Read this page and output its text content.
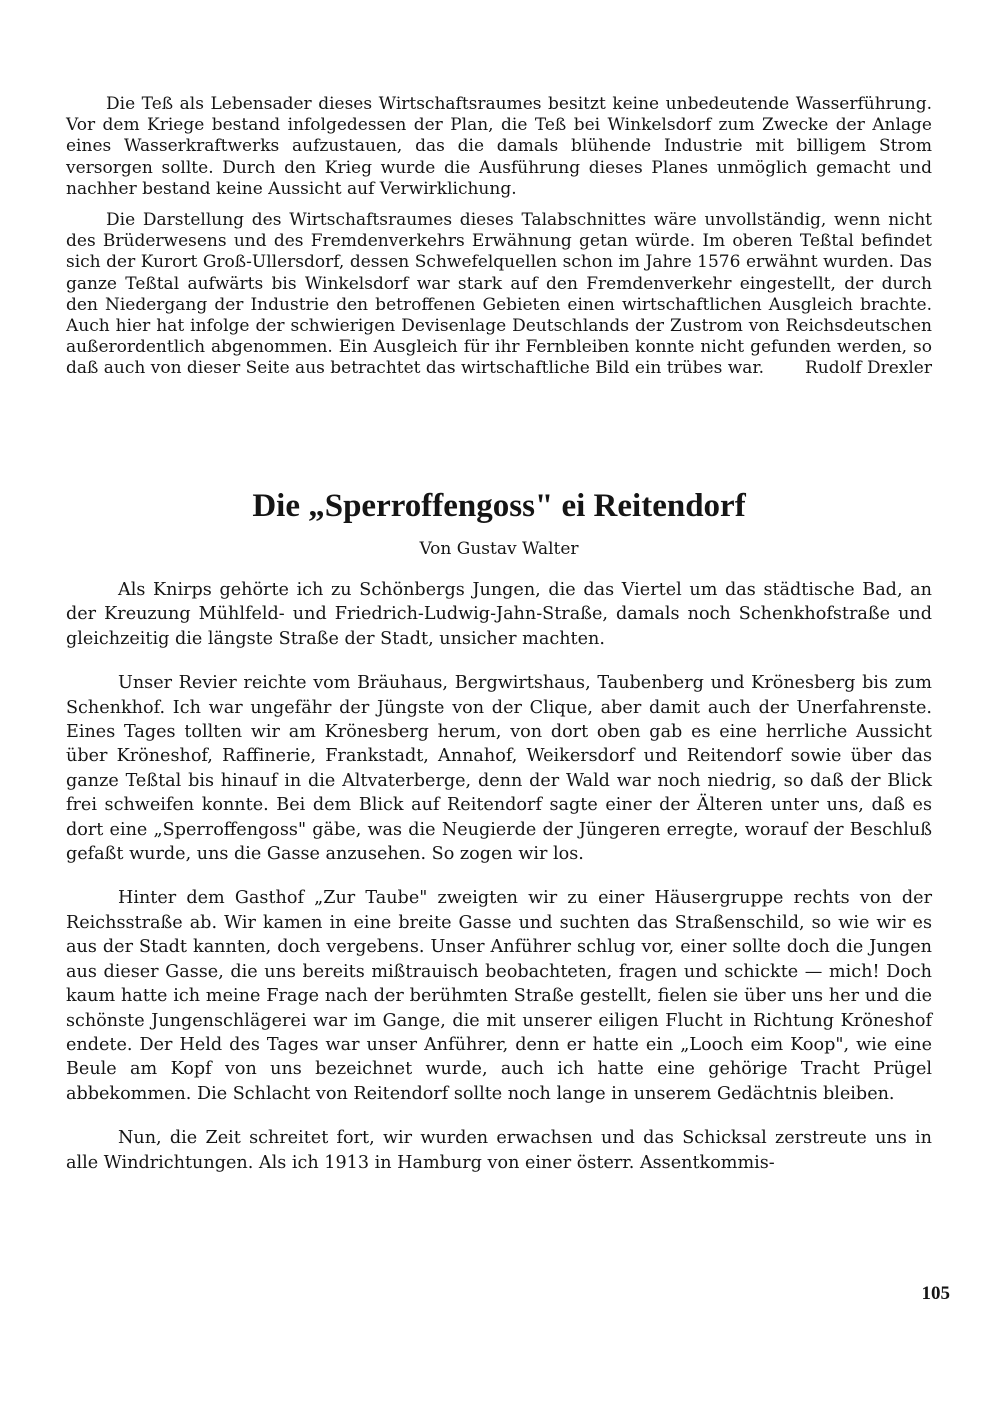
Die Teß als Lebensader dieses Wirtschaftsraumes besitzt keine unbedeutende Wasserführung. Vor dem Kriege bestand infolgedessen der Plan, die Teß bei Winkelsdorf zum Zwecke der Anlage eines Wasserkraftwerks aufzustauen, das die damals blühende Industrie mit billigem Strom versorgen sollte. Durch den Krieg wurde die Ausführung dieses Planes unmöglich gemacht und nachher bestand keine Aussicht auf Verwirklichung.

Die Darstellung des Wirtschaftsraumes dieses Talabschnittes wäre unvollständig, wenn nicht des Brüderwesens und des Fremdenverkehrs Erwähnung getan würde. Im oberen Teßtal befindet sich der Kurort Groß-Ullersdorf, dessen Schwefelquellen schon im Jahre 1576 erwähnt wurden. Das ganze Teßtal aufwärts bis Winkelsdorf war stark auf den Fremdenverkehr eingestellt, der durch den Niedergang der Industrie den betroffenen Gebieten einen wirtschaftlichen Ausgleich brachte. Auch hier hat infolge der schwierigen Devisenlage Deutschlands der Zustrom von Reichsdeutschen außerordentlich abgenommen. Ein Ausgleich für ihr Fernbleiben konnte nicht gefunden werden, so daß auch von dieser Seite aus betrachtet das wirtschaftliche Bild ein trübes war.	Rudolf Drexler

Die „Sperroffengoss" ei Reitendorf
Von Gustav Walter

Als Knirps gehörte ich zu Schönbergs Jungen, die das Viertel um das städtische Bad, an der Kreuzung Mühlfeld- und Friedrich-Ludwig-Jahn-Straße, damals noch Schenkhofstraße und gleichzeitig die längste Straße der Stadt, unsicher machten.

Unser Revier reichte vom Bräuhaus, Bergwirtshaus, Taubenberg und Krönesberg bis zum Schenkhof. Ich war ungefähr der Jüngste von der Clique, aber damit auch der Unerfahrenste. Eines Tages tollten wir am Krönesberg herum, von dort oben gab es eine herrliche Aussicht über Kröneshof, Raffinerie, Frankstadt, Annahof, Weikersdorf und Reitendorf sowie über das ganze Teßtal bis hinauf in die Altvaterberge, denn der Wald war noch niedrig, so daß der Blick frei schweifen konnte. Bei dem Blick auf Reitendorf sagte einer der Älteren unter uns, daß es dort eine „Sperroffengoss" gäbe, was die Neugierde der Jüngeren erregte, worauf der Beschluß gefaßt wurde, uns die Gasse anzusehen. So zogen wir los.

Hinter dem Gasthof „Zur Taube" zweigten wir zu einer Häusergruppe rechts von der Reichsstraße ab. Wir kamen in eine breite Gasse und suchten das Straßenschild, so wie wir es aus der Stadt kannten, doch vergebens. Unser Anführer schlug vor, einer sollte doch die Jungen aus dieser Gasse, die uns bereits mißtrauisch beobachteten, fragen und schickte — mich! Doch kaum hatte ich meine Frage nach der berühmten Straße gestellt, fielen sie über uns her und die schönste Jungenschlägerei war im Gange, die mit unserer eiligen Flucht in Richtung Kröneshof endete. Der Held des Tages war unser Anführer, denn er hatte ein „Looch eim Koop", wie eine Beule am Kopf von uns bezeichnet wurde, auch ich hatte eine gehörige Tracht Prügel abbekommen. Die Schlacht von Reitendorf sollte noch lange in unserem Gedächtnis bleiben.

Nun, die Zeit schreitet fort, wir wurden erwachsen und das Schicksal zerstreute uns in alle Windrichtungen. Als ich 1913 in Hamburg von einer österr. Assentkommis-

105
